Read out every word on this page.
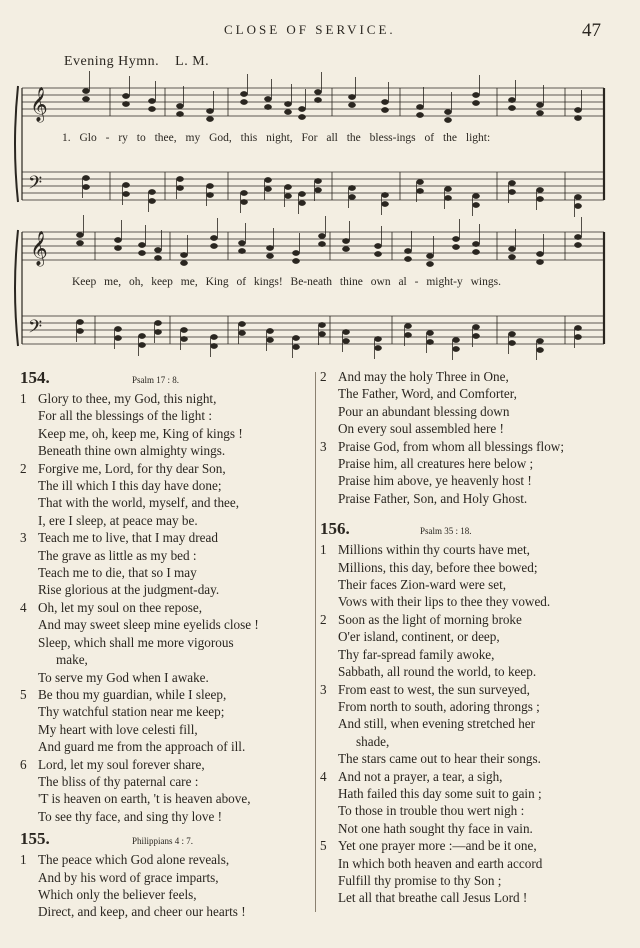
CLOSE OF SERVICE.	47
Evening Hymn. L. M.
𝄞
𝄢
𝄞
𝄢
1. Glo - ry to thee, my God, this night, For all the bless-ings of the light:
Keep me, oh, keep me, King of kings! Be-neath thine own al - might-y wings.
154.	Psalm 17 : 8.
1 Glory to thee, my God, this night,
For all the blessings of the light :
Keep me, oh, keep me, King of kings !
Beneath thine own almighty wings.
2 Forgive me, Lord, for thy dear Son,
The ill which I this day have done;
That with the world, myself, and thee,
I, ere I sleep, at peace may be.
3 Teach me to live, that I may dread
The grave as little as my bed :
Teach me to die, that so I may
Rise glorious at the judgment-day.
4 Oh, let my soul on thee repose,
And may sweet sleep mine eyelids close !
Sleep, which shall me more vigorous
make,
To serve my God when I awake.
5 Be thou my guardian, while I sleep,
Thy watchful station near me keep;
My heart with love celesti fill,
And guard me from the approach of ill.
6 Lord, let my soul forever share,
The bliss of thy paternal care :
'T is heaven on earth, 't is heaven above,
To see thy face, and sing thy love !
155.	Philippians 4 : 7.
1 The peace which God alone reveals,
And by his word of grace imparts,
Which only the believer feels,
Direct, and keep, and cheer our hearts !
2 And may the holy Three in One,
The Father, Word, and Comforter,
Pour an abundant blessing down
On every soul assembled here !
3 Praise God, from whom all blessings flow;
Praise him, all creatures here below ;
Praise him above, ye heavenly host !
Praise Father, Son, and Holy Ghost.
156.	Psalm 35 : 18.
1 Millions within thy courts have met,
Millions, this day, before thee bowed;
Their faces Zion-ward were set,
Vows with their lips to thee they vowed.
2 Soon as the light of morning broke
O'er island, continent, or deep,
Thy far-spread family awoke,
Sabbath, all round the world, to keep.
3 From east to west, the sun surveyed,
From north to south, adoring throngs ;
And still, when evening stretched her
shade,
The stars came out to hear their songs.
4 And not a prayer, a tear, a sigh,
Hath failed this day some suit to gain ;
To those in trouble thou wert nigh :
Not one hath sought thy face in vain.
5 Yet one prayer more :—and be it one,
In which both heaven and earth accord
Fulfill thy promise to thy Son ;
Let all that breathe call Jesus Lord !
